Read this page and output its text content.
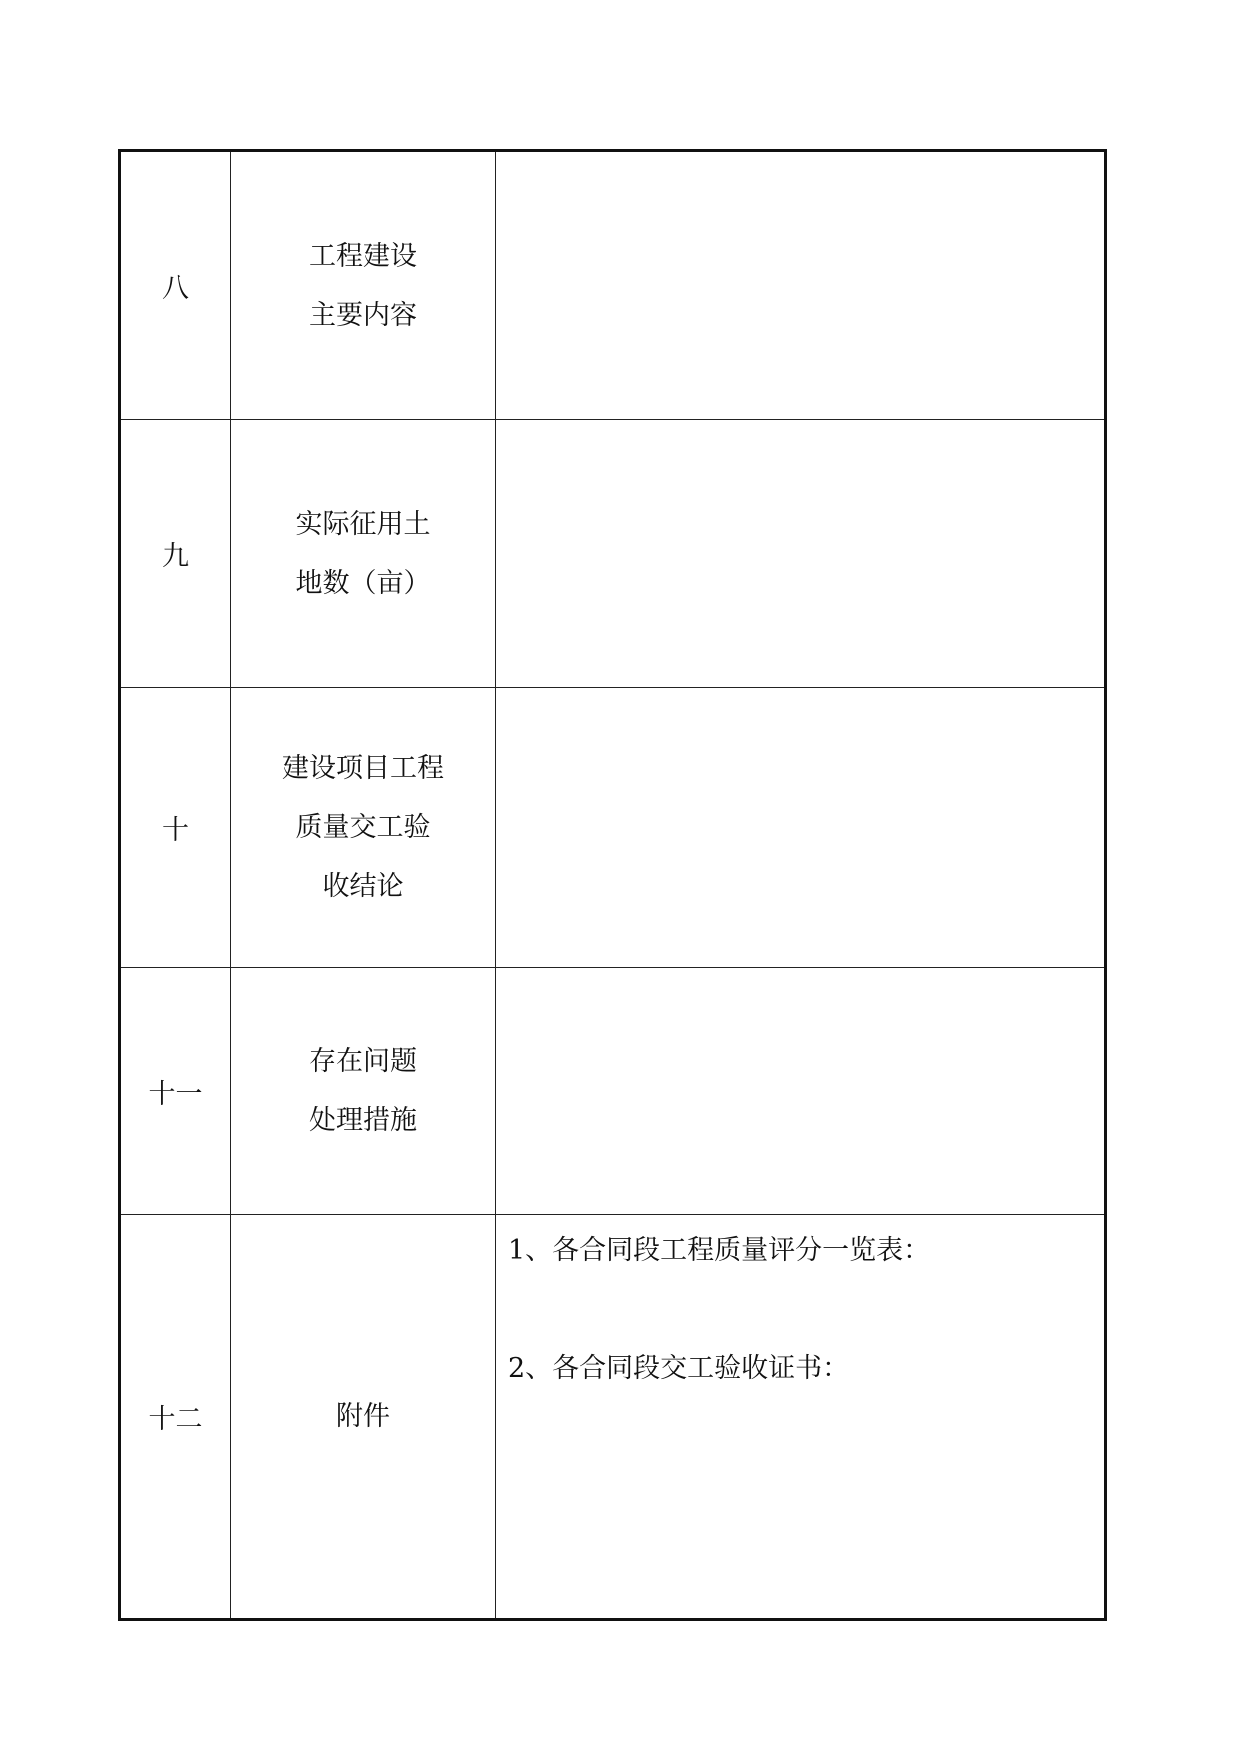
八
工程建设
主要内容
九
实际征用土
地数（亩）
十
建设项目工程
质量交工验
收结论
十一
存在问题
处理措施
十二	附件
1、各合同段工程质量评分一览表：
2、各合同段交工验收证书：
